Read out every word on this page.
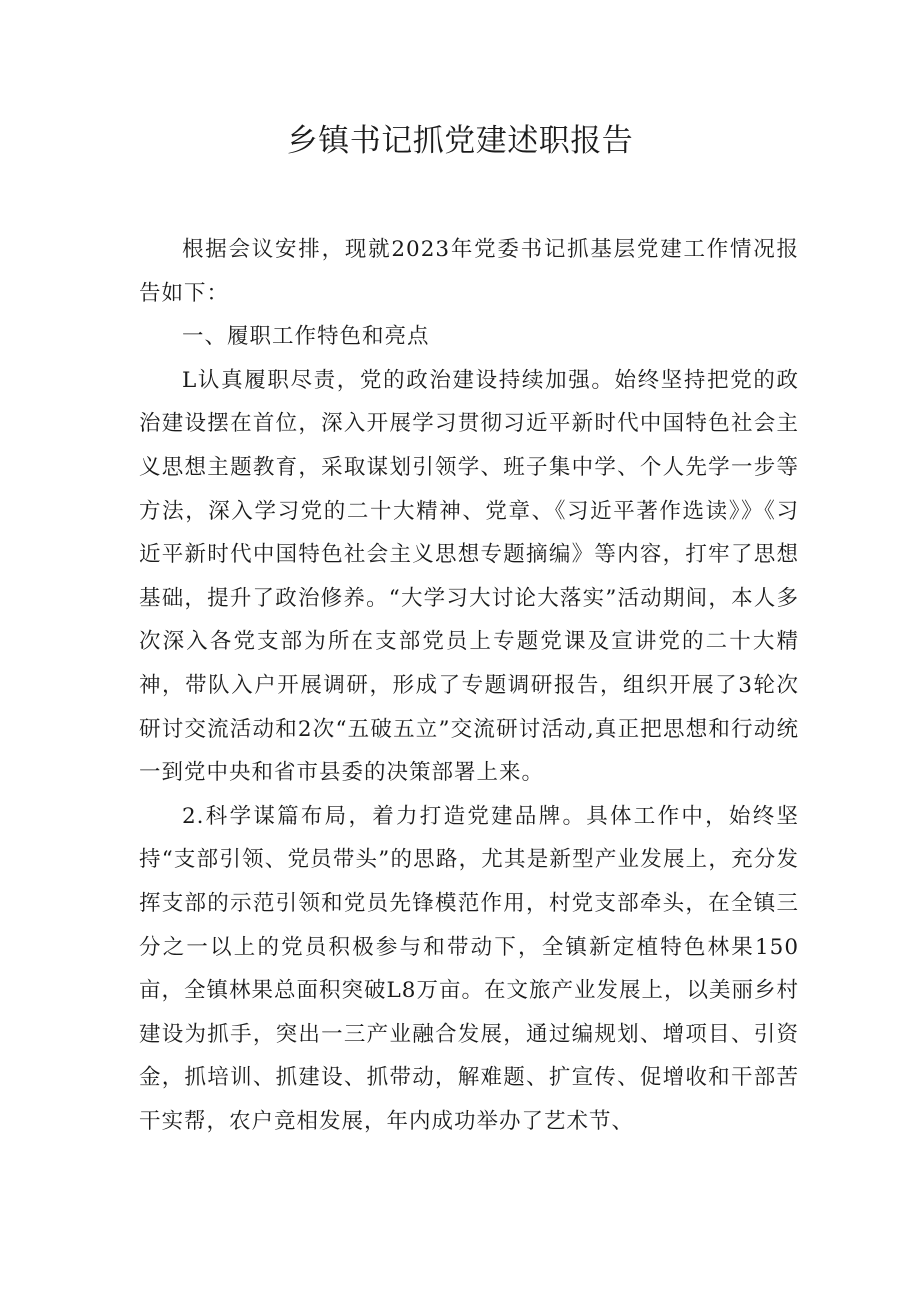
乡镇书记抓党建述职报告

根据会议安排，现就2023年党委书记抓基层党建工作情况报告如下：

一、履职工作特色和亮点

L认真履职尽责，党的政治建设持续加强。始终坚持把党的政治建设摆在首位，深入开展学习贯彻习近平新时代中国特色社会主义思想主题教育，采取谋划引领学、班子集中学、个人先学一步等方法，深入学习党的二十大精神、党章、《习近平著作选读》》《习近平新时代中国特色社会主义思想专题摘编》等内容，打牢了思想基础，提升了政治修养。“大学习大讨论大落实”活动期间，本人多次深入各党支部为所在支部党员上专题党课及宣讲党的二十大精神，带队入户开展调研，形成了专题调研报告，组织开展了3轮次研讨交流活动和2次“五破五立”交流研讨活动,真正把思想和行动统一到党中央和省市县委的决策部署上来。

2.科学谋篇布局，着力打造党建品牌。具体工作中，始终坚持“支部引领、党员带头”的思路，尤其是新型产业发展上，充分发挥支部的示范引领和党员先锋模范作用，村党支部牵头，在全镇三分之一以上的党员积极参与和带动下，全镇新定植特色林果150亩，全镇林果总面积突破L8万亩。在文旅产业发展上，以美丽乡村建设为抓手，突出一三产业融合发展，通过编规划、增项目、引资金，抓培训、抓建设、抓带动，解难题、扩宣传、促增收和干部苦干实帮，农户竞相发展，年内成功举办了艺术节、
